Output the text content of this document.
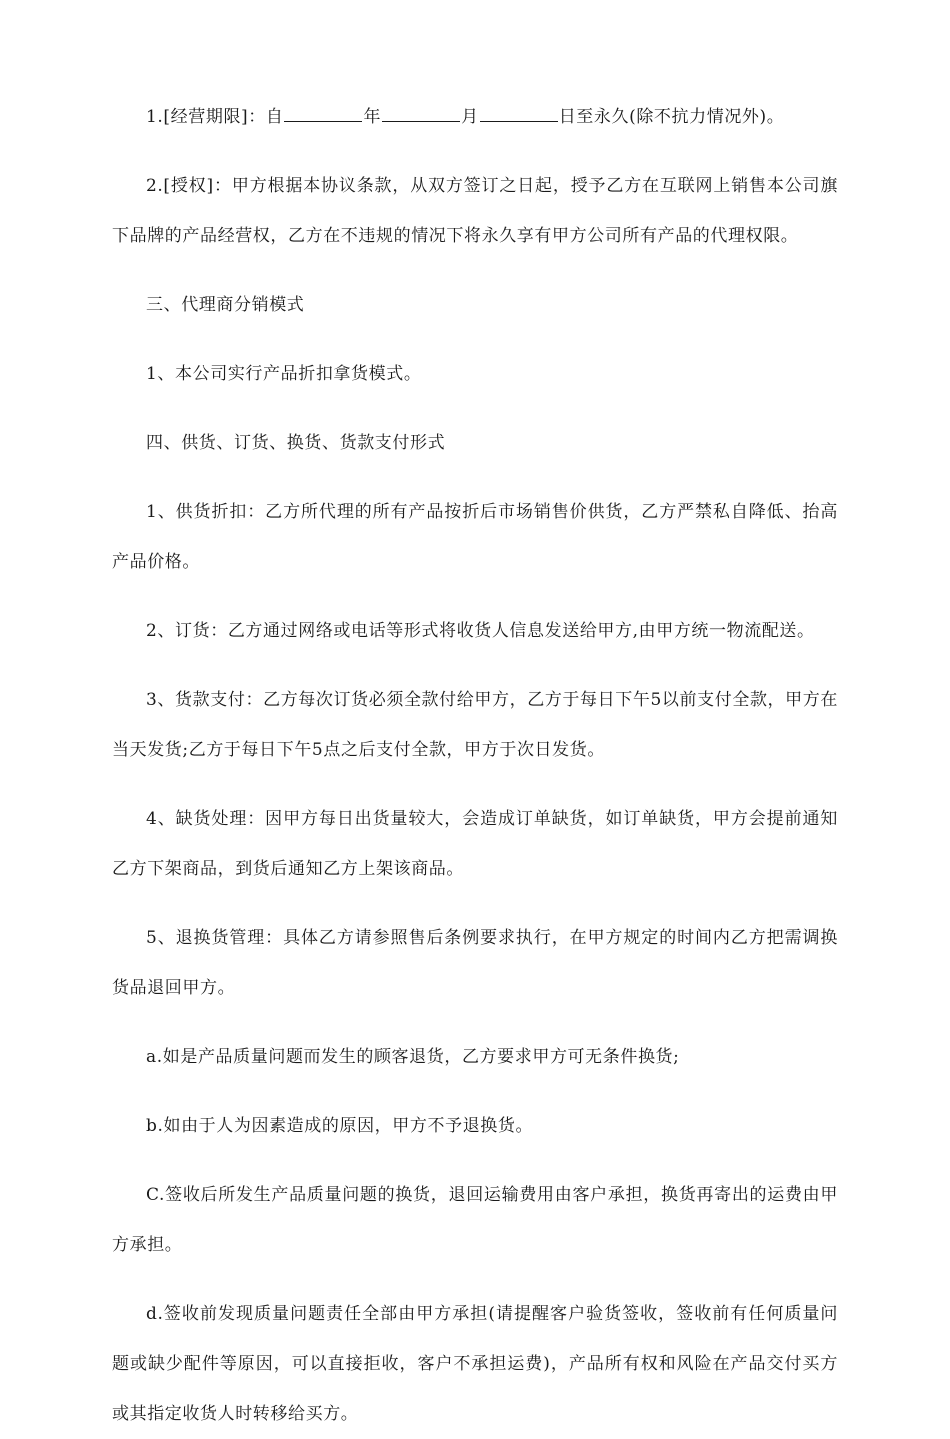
1.[经营期限]：自	年	月	日至永久(除不抗力情况外)。

2.[授权]：甲方根据本协议条款，从双方签订之日起，授予乙方在互联网上销售本公司旗下品牌的产品经营权，乙方在不违规的情况下将永久享有甲方公司所有产品的代理权限。

三、代理商分销模式

1、本公司实行产品折扣拿货模式。

四、供货、订货、换货、货款支付形式

1、供货折扣：乙方所代理的所有产品按折后市场销售价供货，乙方严禁私自降低、抬高产品价格。

2、订货：乙方通过网络或电话等形式将收货人信息发送给甲方,由甲方统一物流配送。

3、货款支付：乙方每次订货必须全款付给甲方，乙方于每日下午5以前支付全款，甲方在当天发货;乙方于每日下午5点之后支付全款，甲方于次日发货。

4、缺货处理：因甲方每日出货量较大，会造成订单缺货，如订单缺货，甲方会提前通知乙方下架商品，到货后通知乙方上架该商品。

5、退换货管理：具体乙方请参照售后条例要求执行，在甲方规定的时间内乙方把需调换货品退回甲方。

a.如是产品质量问题而发生的顾客退货，乙方要求甲方可无条件换货;

b.如由于人为因素造成的原因，甲方不予退换货。

C.签收后所发生产品质量问题的换货，退回运输费用由客户承担，换货再寄出的运费由甲方承担。

d.签收前发现质量问题责任全部由甲方承担(请提醒客户验货签收，签收前有任何质量问题或缺少配件等原因，可以直接拒收，客户不承担运费)，产品所有权和风险在产品交付买方或其指定收货人时转移给买方。
